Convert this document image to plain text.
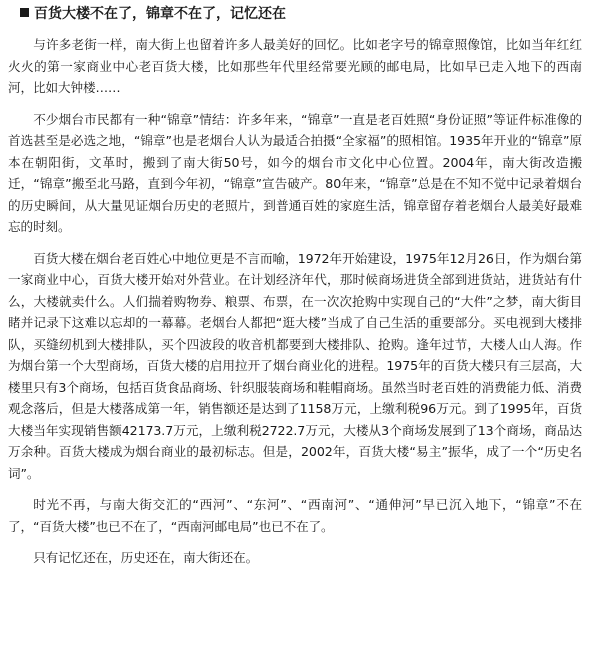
百货大楼不在了，锦章不在了，记忆还在

与许多老街一样，南大街上也留着许多人最美好的回忆。比如老字号的锦章照像馆，比如当年红红火火的第一家商业中心老百货大楼，比如那些年代里经常要光顾的邮电局，比如早已走入地下的西南河，比如大钟楼……

不少烟台市民都有一种“锦章”情结：许多年来，“锦章”一直是老百姓照“身份证照”等证件标准像的首选甚至是必选之地，“锦章”也是老烟台人认为最适合拍摄“全家福”的照相馆。1935年开业的“锦章”原本在朝阳街，文革时，搬到了南大街50号，如今的烟台市文化中心位置。2004年，南大街改造搬迁，“锦章”搬至北马路，直到今年初，“锦章”宣告破产。80年来，“锦章”总是在不知不觉中记录着烟台的历史瞬间，从大量见证烟台历史的老照片，到普通百姓的家庭生活，锦章留存着老烟台人最美好最难忘的时刻。

百货大楼在烟台老百姓心中地位更是不言而喻，1972年开始建设，1975年12月26日，作为烟台第一家商业中心，百货大楼开始对外营业。在计划经济年代，那时候商场进货全部到进货站，进货站有什么，大楼就卖什么。人们揣着购物券、粮票、布票，在一次次抢购中实现自己的“大件”之梦，南大街目睹并记录下这难以忘却的一幕幕。老烟台人都把“逛大楼”当成了自己生活的重要部分。买电视到大楼排队，买缝纫机到大楼排队，买个四波段的收音机都要到大楼排队、抢购。逢年过节，大楼人山人海。作为烟台第一个大型商场，百货大楼的启用拉开了烟台商业化的进程。1975年的百货大楼只有三层高，大楼里只有3个商场，包括百货食品商场、针织服装商场和鞋帽商场。虽然当时老百姓的消费能力低、消费观念落后，但是大楼落成第一年，销售额还是达到了1158万元，上缴利税96万元。到了1995年，百货大楼当年实现销售额42173.7万元，上缴利税2722.7万元，大楼从3个商场发展到了13个商场，商品达万余种。百货大楼成为烟台商业的最初标志。但是，2002年，百货大楼“易主”振华，成了一个“历史名词”。

时光不再，与南大街交汇的“西河”、“东河”、“西南河”、“通伸河”早已沉入地下，“锦章”不在了，“百货大楼”也已不在了，“西南河邮电局”也已不在了。

只有记忆还在，历史还在，南大街还在。
